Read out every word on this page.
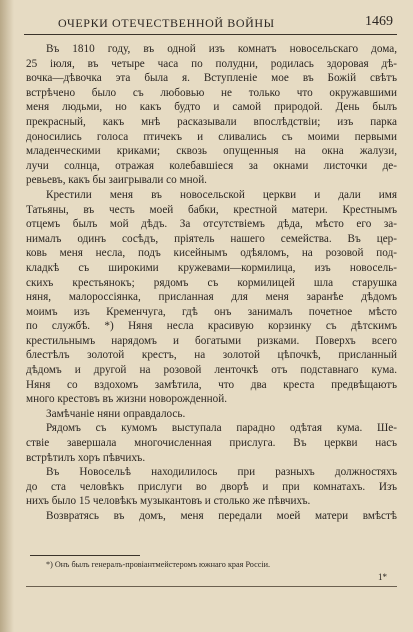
ОЧЕРКИ ОТЕЧЕСТВЕННОЙ ВОЙНЫ	1469
Въ 1810 году, въ одной изъ комнатъ новосельскаго дома,
25 іюля, въ четыре часа по полудни, родилась здоровая дѣ-
вочка—дѣвочка эта была я. Вступленіе мое въ Божій свѣтъ
встрѣчено было съ любовью не только что окружавшими
меня людьми, но какъ будто и самой природой. День былъ
прекрасный, какъ мнѣ расказывали впослѣдствіи; изъ парка
доносились голоса птичекъ и сливались съ моими первыми
младенческими криками; сквозь опущенныя на окна жалузи,
лучи солнца, отражая колебавшіеся за окнами листочки де-
ревьевъ, какъ бы заигрывали со мной.
Крестили меня въ новосельской церкви и дали имя
Татьяны, въ честь моей бабки, крестной матери. Крестнымъ
отцемъ былъ мой дѣдъ. За отсутствіемъ дѣда, мѣсто его за-
нималъ одинъ сосѣдъ, пріятель нашего семейства. Въ цер-
ковь меня несла, подъ кисейнымъ одѣяломъ, на розовой под-
кладкѣ съ широкими кружевами—кормилица, изъ новосель-
скихъ крестьянокъ; рядомъ съ кормилицей шла старушка
няня, малороссіянка, присланная для меня заранѣе дѣдомъ
моимъ изъ Кременчуга, гдѣ онъ занималъ почетное мѣсто
по службѣ. *) Няня несла красивую корзинку съ дѣтскимъ
крестильнымъ нарядомъ и богатыми ризками. Поверхъ всего
блестѣлъ золотой крестъ, на золотой цѣпочкѣ, присланный
дѣдомъ и другой на розовой ленточкѣ отъ подставнаго кума.
Няня со вздохомъ замѣтила, что два креста предвѣщаютъ
много крестовъ въ жизни новорожденной.
Замѣчаніе няни оправдалось.
Рядомъ съ кумомъ выступала парадно одѣтая кума. Ше-
ствіе завершала многочисленная прислуга. Въ церкви насъ
встрѣтилъ хоръ пѣвчихъ.
Въ Новосельѣ находилилось при разныхъ должностяхъ
до ста человѣкъ прислуги во дворѣ и при комнатахъ. Изъ
нихъ было 15 человѣкъ музыкантовъ и столько же пѣвчихъ.
Возвратясь въ домъ, меня передали моей матери вмѣстѣ
*) Онъ былъ генералъ-провіантмейстеромъ южнаго края Россіи.
1*
